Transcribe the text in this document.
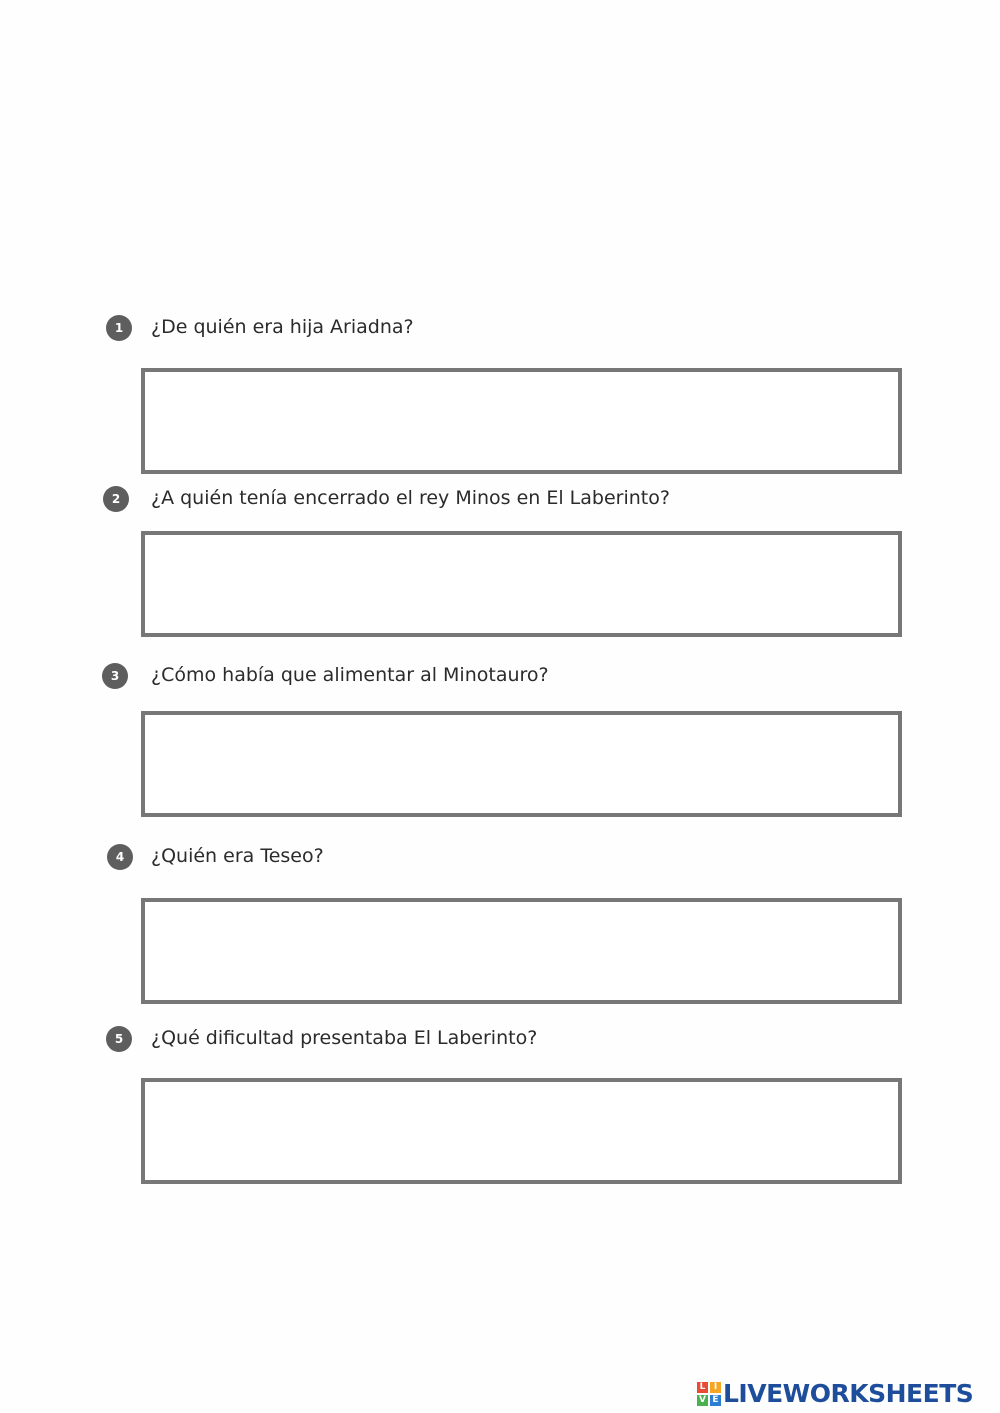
1	¿De quién era hija Ariadna?
2	¿A quién tenía encerrado el rey Minos en El Laberinto?
3	¿Cómo había que alimentar al Minotauro?
4	¿Quién era Teseo?
5	¿Qué dificultad presentaba El Laberinto?
L I
V E LIVEWORKSHEETS
